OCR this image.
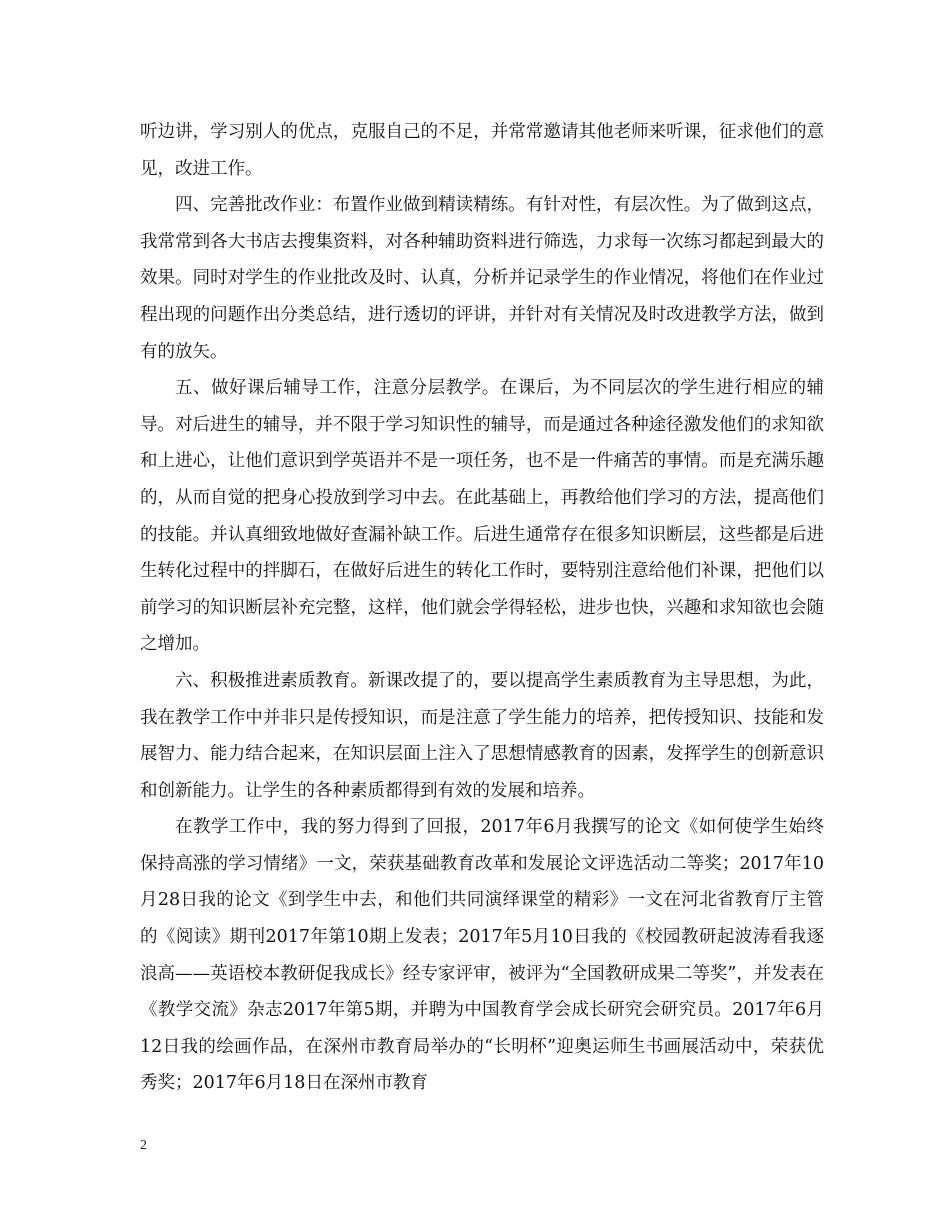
听边讲，学习别人的优点，克服自己的不足，并常常邀请其他老师来听课，征求他们的意见，改进工作。

四、完善批改作业：布置作业做到精读精练。有针对性，有层次性。为了做到这点，我常常到各大书店去搜集资料，对各种辅助资料进行筛选，力求每一次练习都起到最大的效果。同时对学生的作业批改及时、认真，分析并记录学生的作业情况，将他们在作业过程出现的问题作出分类总结，进行透切的评讲，并针对有关情况及时改进教学方法，做到有的放矢。

五、做好课后辅导工作，注意分层教学。在课后，为不同层次的学生进行相应的辅导。对后进生的辅导，并不限于学习知识性的辅导，而是通过各种途径激发他们的求知欲和上进心，让他们意识到学英语并不是一项任务，也不是一件痛苦的事情。而是充满乐趣的，从而自觉的把身心投放到学习中去。在此基础上，再教给他们学习的方法，提高他们的技能。并认真细致地做好查漏补缺工作。后进生通常存在很多知识断层，这些都是后进生转化过程中的拌脚石，在做好后进生的转化工作时，要特别注意给他们补课，把他们以前学习的知识断层补充完整，这样，他们就会学得轻松，进步也快，兴趣和求知欲也会随之增加。

六、积极推进素质教育。新课改提了的，要以提高学生素质教育为主导思想，为此，我在教学工作中并非只是传授知识，而是注意了学生能力的培养，把传授知识、技能和发展智力、能力结合起来，在知识层面上注入了思想情感教育的因素，发挥学生的创新意识和创新能力。让学生的各种素质都得到有效的发展和培养。

在教学工作中，我的努力得到了回报，2017年6月我撰写的论文《如何使学生始终保持高涨的学习情绪》一文，荣获基础教育改革和发展论文评选活动二等奖；2017年10月28日我的论文《到学生中去，和他们共同演绎课堂的精彩》一文在河北省教育厅主管的《阅读》期刊2017年第10期上发表；2017年5月10日我的《校园教研起波涛看我逐浪高——英语校本教研促我成长》经专家评审，被评为“全国教研成果二等奖”，并发表在《教学交流》杂志2017年第5期，并聘为中国教育学会成长研究会研究员。2017年6月12日我的绘画作品，在深州市教育局举办的“长明杯”迎奥运师生书画展活动中，荣获优秀奖；2017年6月18日在深州市教育

2
